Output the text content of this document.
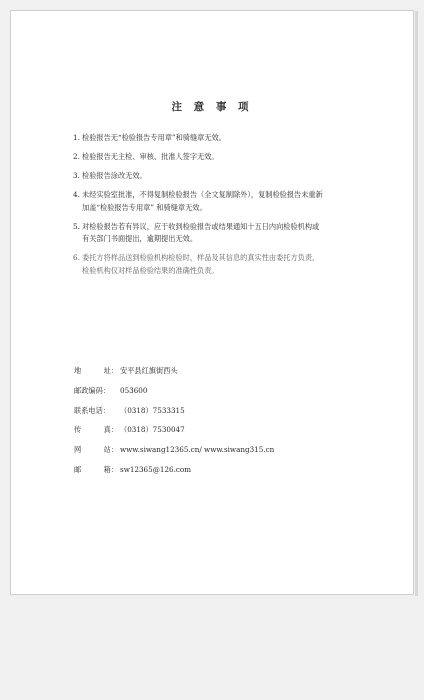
注 意 事 项
1. 检验报告无“检验报告专用章”和骑缝章无效。
2. 检验报告无主检、审核、批准人签字无效。
3. 检验报告涂改无效。
4. 未经实验室批准，不得复制检验报告（全文复制除外），复制检验报告未重新
加盖“检验报告专用章” 和骑缝章无效。
5. 对检验报告若有异议，应于收到检验报告或结果通知十五日内向检验机构或
有关部门书面提出，逾期提出无效。
6. 委托方将样品送到检验机构检验时，样品及其信息的真实性由委托方负责，
检验机构仅对样品检验结果的准确性负责。
地	址： 安平县红旗街西头
邮政编码：	053600
联系电话：	（0318）7533315
传	真： （0318）7530047
网	站： www.siwang12365.cn/ www.siwang315.cn
邮	箱： sw12365@126.com
